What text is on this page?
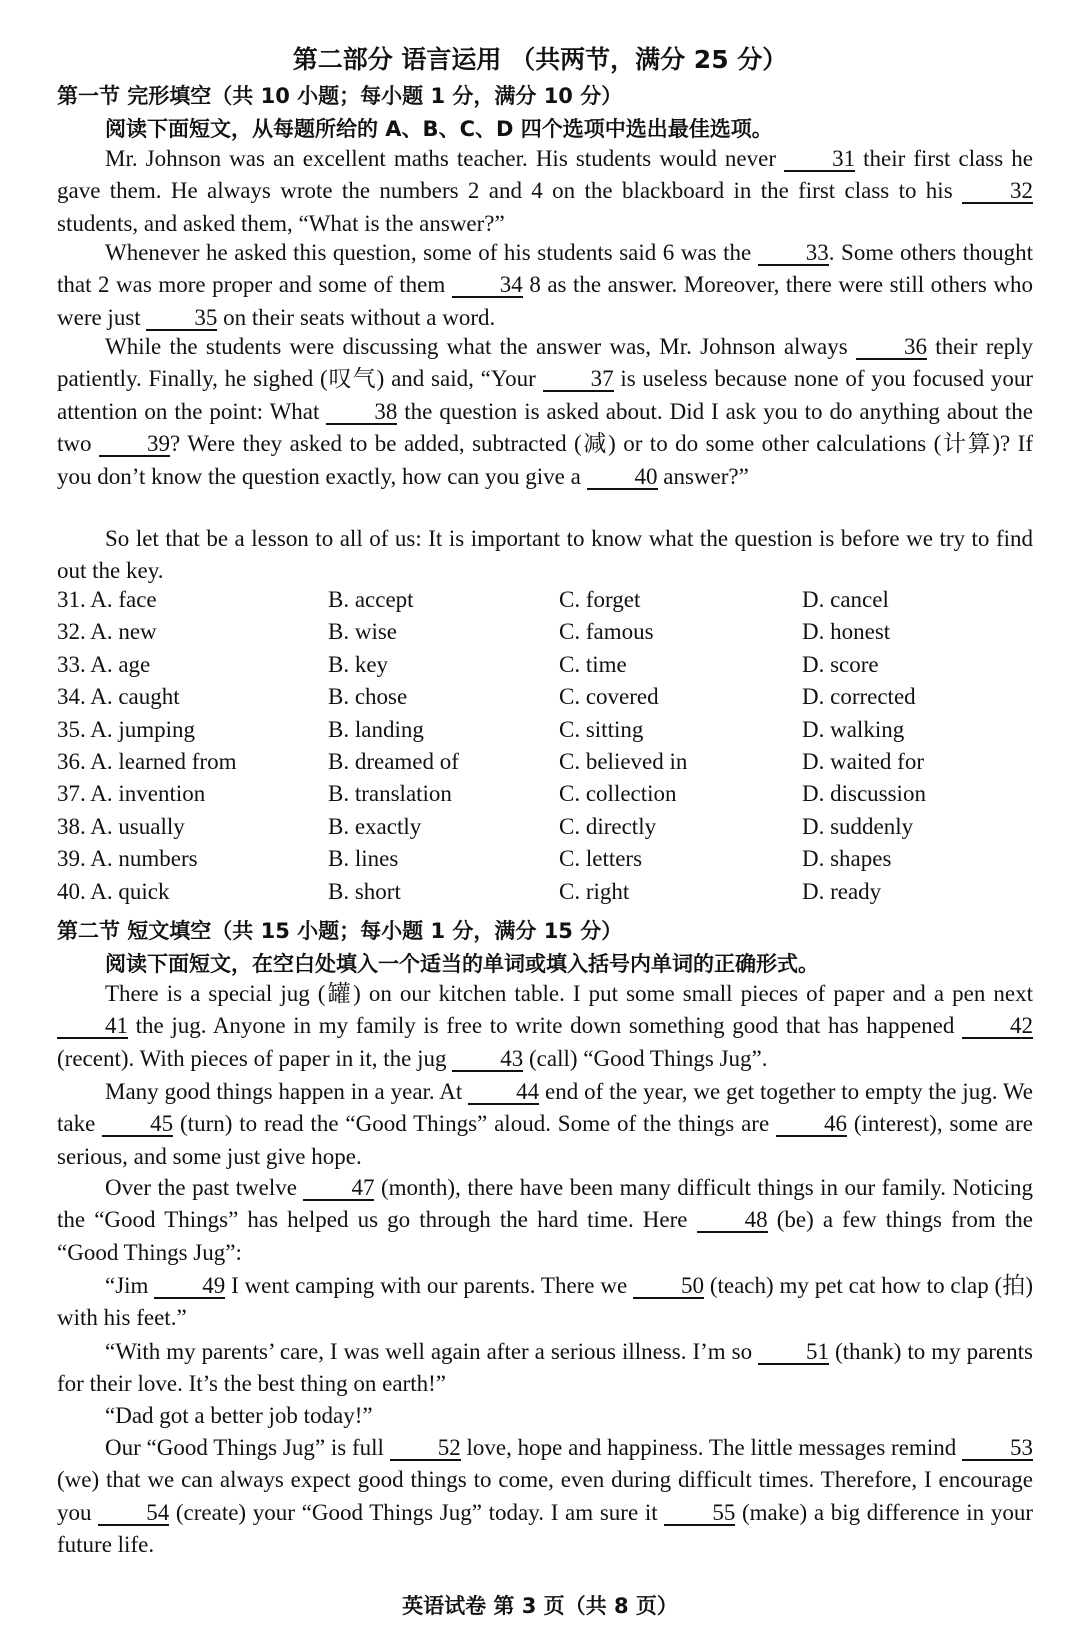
第二部分 语言运用 （共两节，满分 25 分）
第一节 完形填空（共 10 小题；每小题 1 分，满分 10 分）
阅读下面短文，从每题所给的 A、B、C、D 四个选项中选出最佳选项。
Mr. Johnson was an excellent maths teacher. His students would never 31 their first class he gave them. He always wrote the numbers 2 and 4 on the blackboard in the first class to his 32 students, and asked them, “What is the answer?”
Whenever he asked this question, some of his students said 6 was the 33. Some others thought that 2 was more proper and some of them 34 8 as the answer. Moreover, there were still others who were just 35 on their seats without a word.
While the students were discussing what the answer was, Mr. Johnson always 36 their reply patiently. Finally, he sighed (叹气) and said, “Your 37 is useless because none of you focused your attention on the point: What 38 the question is asked about. Did I ask you to do anything about the two 39? Were they asked to be added, subtracted (减) or to do some other calculations (计算)? If you don’t know the question exactly, how can you give a 40 answer?”
So let that be a lesson to all of us: It is important to know what the question is before we try to find out the key.
31. A. face	B. accept	C. forget	D. cancel
32. A. new	B. wise	C. famous	D. honest
33. A. age	B. key	C. time	D. score
34. A. caught	B. chose	C. covered	D. corrected
35. A. jumping	B. landing	C. sitting	D. walking
36. A. learned from	B. dreamed of	C. believed in	D. waited for
37. A. invention	B. translation	C. collection	D. discussion
38. A. usually	B. exactly	C. directly	D. suddenly
39. A. numbers	B. lines	C. letters	D. shapes
40. A. quick	B. short	C. right	D. ready
第二节 短文填空（共 15 小题；每小题 1 分，满分 15 分）
阅读下面短文，在空白处填入一个适当的单词或填入括号内单词的正确形式。
There is a special jug (罐) on our kitchen table. I put some small pieces of paper and a pen next 41 the jug. Anyone in my family is free to write down something good that has happened 42 (recent). With pieces of paper in it, the jug 43 (call) “Good Things Jug”.
Many good things happen in a year. At 44 end of the year, we get together to empty the jug. We take 45 (turn) to read the “Good Things” aloud. Some of the things are 46 (interest), some are serious, and some just give hope.
Over the past twelve 47 (month), there have been many difficult things in our family. Noticing the “Good Things” has helped us go through the hard time. Here 48 (be) a few things from the “Good Things Jug”:
“Jim 49 I went camping with our parents. There we 50 (teach) my pet cat how to clap (拍) with his feet.”
“With my parents’ care, I was well again after a serious illness. I’m so 51 (thank) to my parents for their love. It’s the best thing on earth!”
“Dad got a better job today!”
Our “Good Things Jug” is full 52 love, hope and happiness. The little messages remind 53 (we) that we can always expect good things to come, even during difficult times. Therefore, I encourage you 54 (create) your “Good Things Jug” today. I am sure it 55 (make) a big difference in your future life.
英语试卷 第 3 页（共 8 页）
